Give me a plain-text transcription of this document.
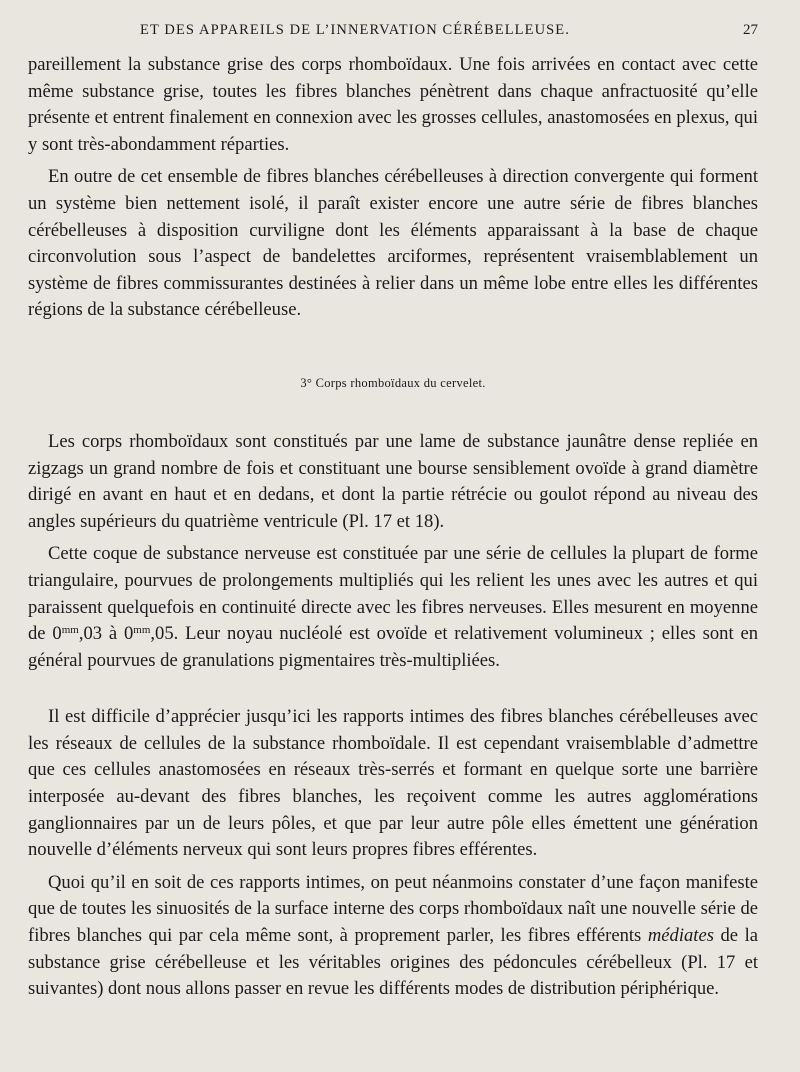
ET DES APPAREILS DE L’INNERVATION CÉRÉBELLEUSE.	27

pareillement la substance grise des corps rhomboïdaux. Une fois arrivées en contact avec cette même substance grise, toutes les fibres blanches pénètrent dans chaque anfractuosité qu’elle présente et entrent finalement en connexion avec les grosses cellules, anastomosées en plexus, qui y sont très-abondamment réparties.

En outre de cet ensemble de fibres blanches cérébelleuses à direction convergente qui forment un système bien nettement isolé, il paraît exister encore une autre série de fibres blanches cérébelleuses à disposition curviligne dont les éléments apparaissant à la base de chaque circonvolution sous l’aspect de bandelettes arciformes, représentent vraisemblablement un système de fibres commissurantes destinées à relier dans un même lobe entre elles les différentes régions de la substance cérébelleuse.

3° Corps rhomboïdaux du cervelet.

Les corps rhomboïdaux sont constitués par une lame de substance jaunâtre dense repliée en zigzags un grand nombre de fois et constituant une bourse sensiblement ovoïde à grand diamètre dirigé en avant en haut et en dedans, et dont la partie rétrécie ou goulot répond au niveau des angles supérieurs du quatrième ventricule (Pl. 17 et 18).

Cette coque de substance nerveuse est constituée par une série de cellules la plupart de forme triangulaire, pourvues de prolongements multipliés qui les relient les unes avec les autres et qui paraissent quelquefois en continuité directe avec les fibres nerveuses. Elles mesurent en moyenne de $0^{mm},03$ à $0^{mm},05$. Leur noyau nucléolé est ovoïde et relativement volumineux ; elles sont en général pourvues de granulations pigmentaires très-multipliées.

Il est difficile d’apprécier jusqu’ici les rapports intimes des fibres blanches cérébelleuses avec les réseaux de cellules de la substance rhomboïdale. Il est cependant vraisemblable d’admettre que ces cellules anastomosées en réseaux très-serrés et formant en quelque sorte une barrière interposée au-devant des fibres blanches, les reçoivent comme les autres agglomérations ganglionnaires par un de leurs pôles, et que par leur autre pôle elles émettent une génération nouvelle d’éléments nerveux qui sont leurs propres fibres efférentes.

Quoi qu’il en soit de ces rapports intimes, on peut néanmoins constater d’une façon manifeste que de toutes les sinuosités de la surface interne des corps rhomboïdaux naît une nouvelle série de fibres blanches qui par cela même sont, à proprement parler, les fibres efférents médiates de la substance grise cérébelleuse et les véritables origines des pédoncules cérébelleux (Pl. 17 et suivantes) dont nous allons passer en revue les différents modes de distribution périphérique.
